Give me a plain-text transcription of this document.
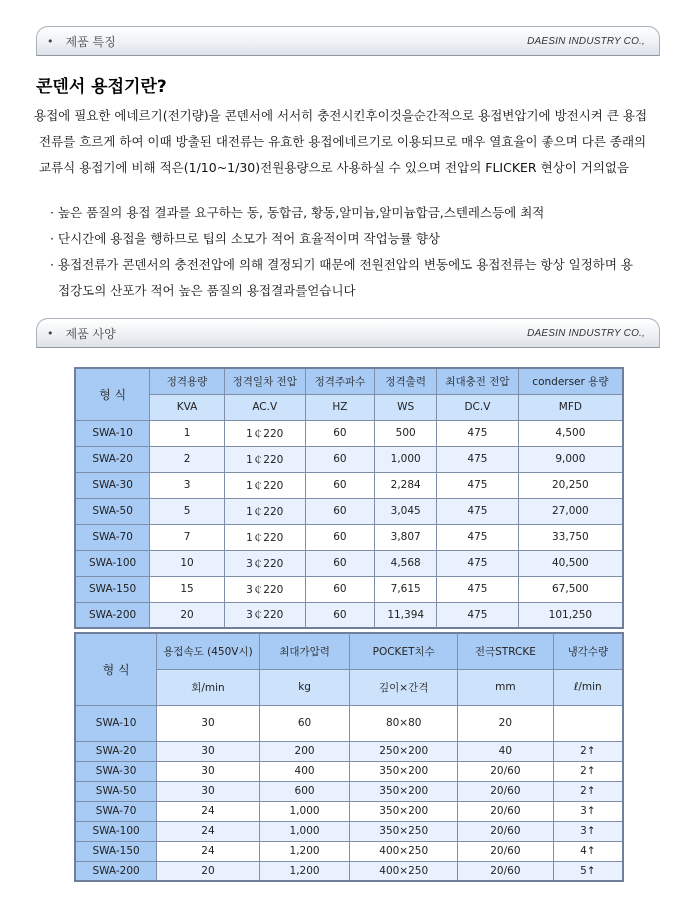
• 제품 특징	DAESIN INDUSTRY CO.,
콘덴서 용접기란?

용접에 필요한 에네르기(전기량)을 콘덴서에 서서히 충전시킨후이것을순간적으로 용접변압기에 방전시켜 큰 용접

전류를 흐르게 하여 이때 방출된 대전류는 유효한 용접에네르기로 이용되므로 매우 열효율이 좋으며 다른 종래의

교류식 용접기에 비해 적은(1/10~1/30)전원용량으로 사용하실 수 있으며 전압의 FLICKER 현상이 거의없음

· 높은 품질의 용접 결과를 요구하는 동, 동합금, 황동,알미늄,알미늄합금,스텐레스등에 최적
· 단시간에 용접을 행하므로 팁의 소모가 적어 효율적이며 작업능률 향상
· 용접전류가 콘덴서의 충전전압에 의해 결정되기 때문에 전원전압의 변동에도 용접전류는 항상 일정하며 용
접강도의 산포가 적어 높은 품질의 용접결과를얻습니다
• 제품 사양	DAESIN INDUSTRY CO.,
형 식	정격용량	정격일차 전압	정격주파수	정격출력	최대충전 전압	conderser 용량
	KVA	AC.V	HZ	WS	DC.V	MFD
SWA-10	1	1￠220	60	500	475	4,500
SWA-20	2	1￠220	60	1,000	475	9,000
SWA-30	3	1￠220	60	2,284	475	20,250
SWA-50	5	1￠220	60	3,045	475	27,000
SWA-70	7	1￠220	60	3,807	475	33,750
SWA-100	10	3￠220	60	4,568	475	40,500
SWA-150	15	3￠220	60	7,615	475	67,500
SWA-200	20	3￠220	60	11,394	475	101,250
형 식	용접속도 (450V시)	최대가압력	POCKET치수	전극STRCKE	냉각수량
	회/min	kg	깊이×간격	mm	ℓ/min
SWA-10	30	60	80×80	20	
SWA-20	30	200	250×200	40	2↑
SWA-30	30	400	350×200	20/60	2↑
SWA-50	30	600	350×200	20/60	2↑
SWA-70	24	1,000	350×200	20/60	3↑
SWA-100	24	1,000	350×250	20/60	3↑
SWA-150	24	1,200	400×250	20/60	4↑
SWA-200	20	1,200	400×250	20/60	5↑
